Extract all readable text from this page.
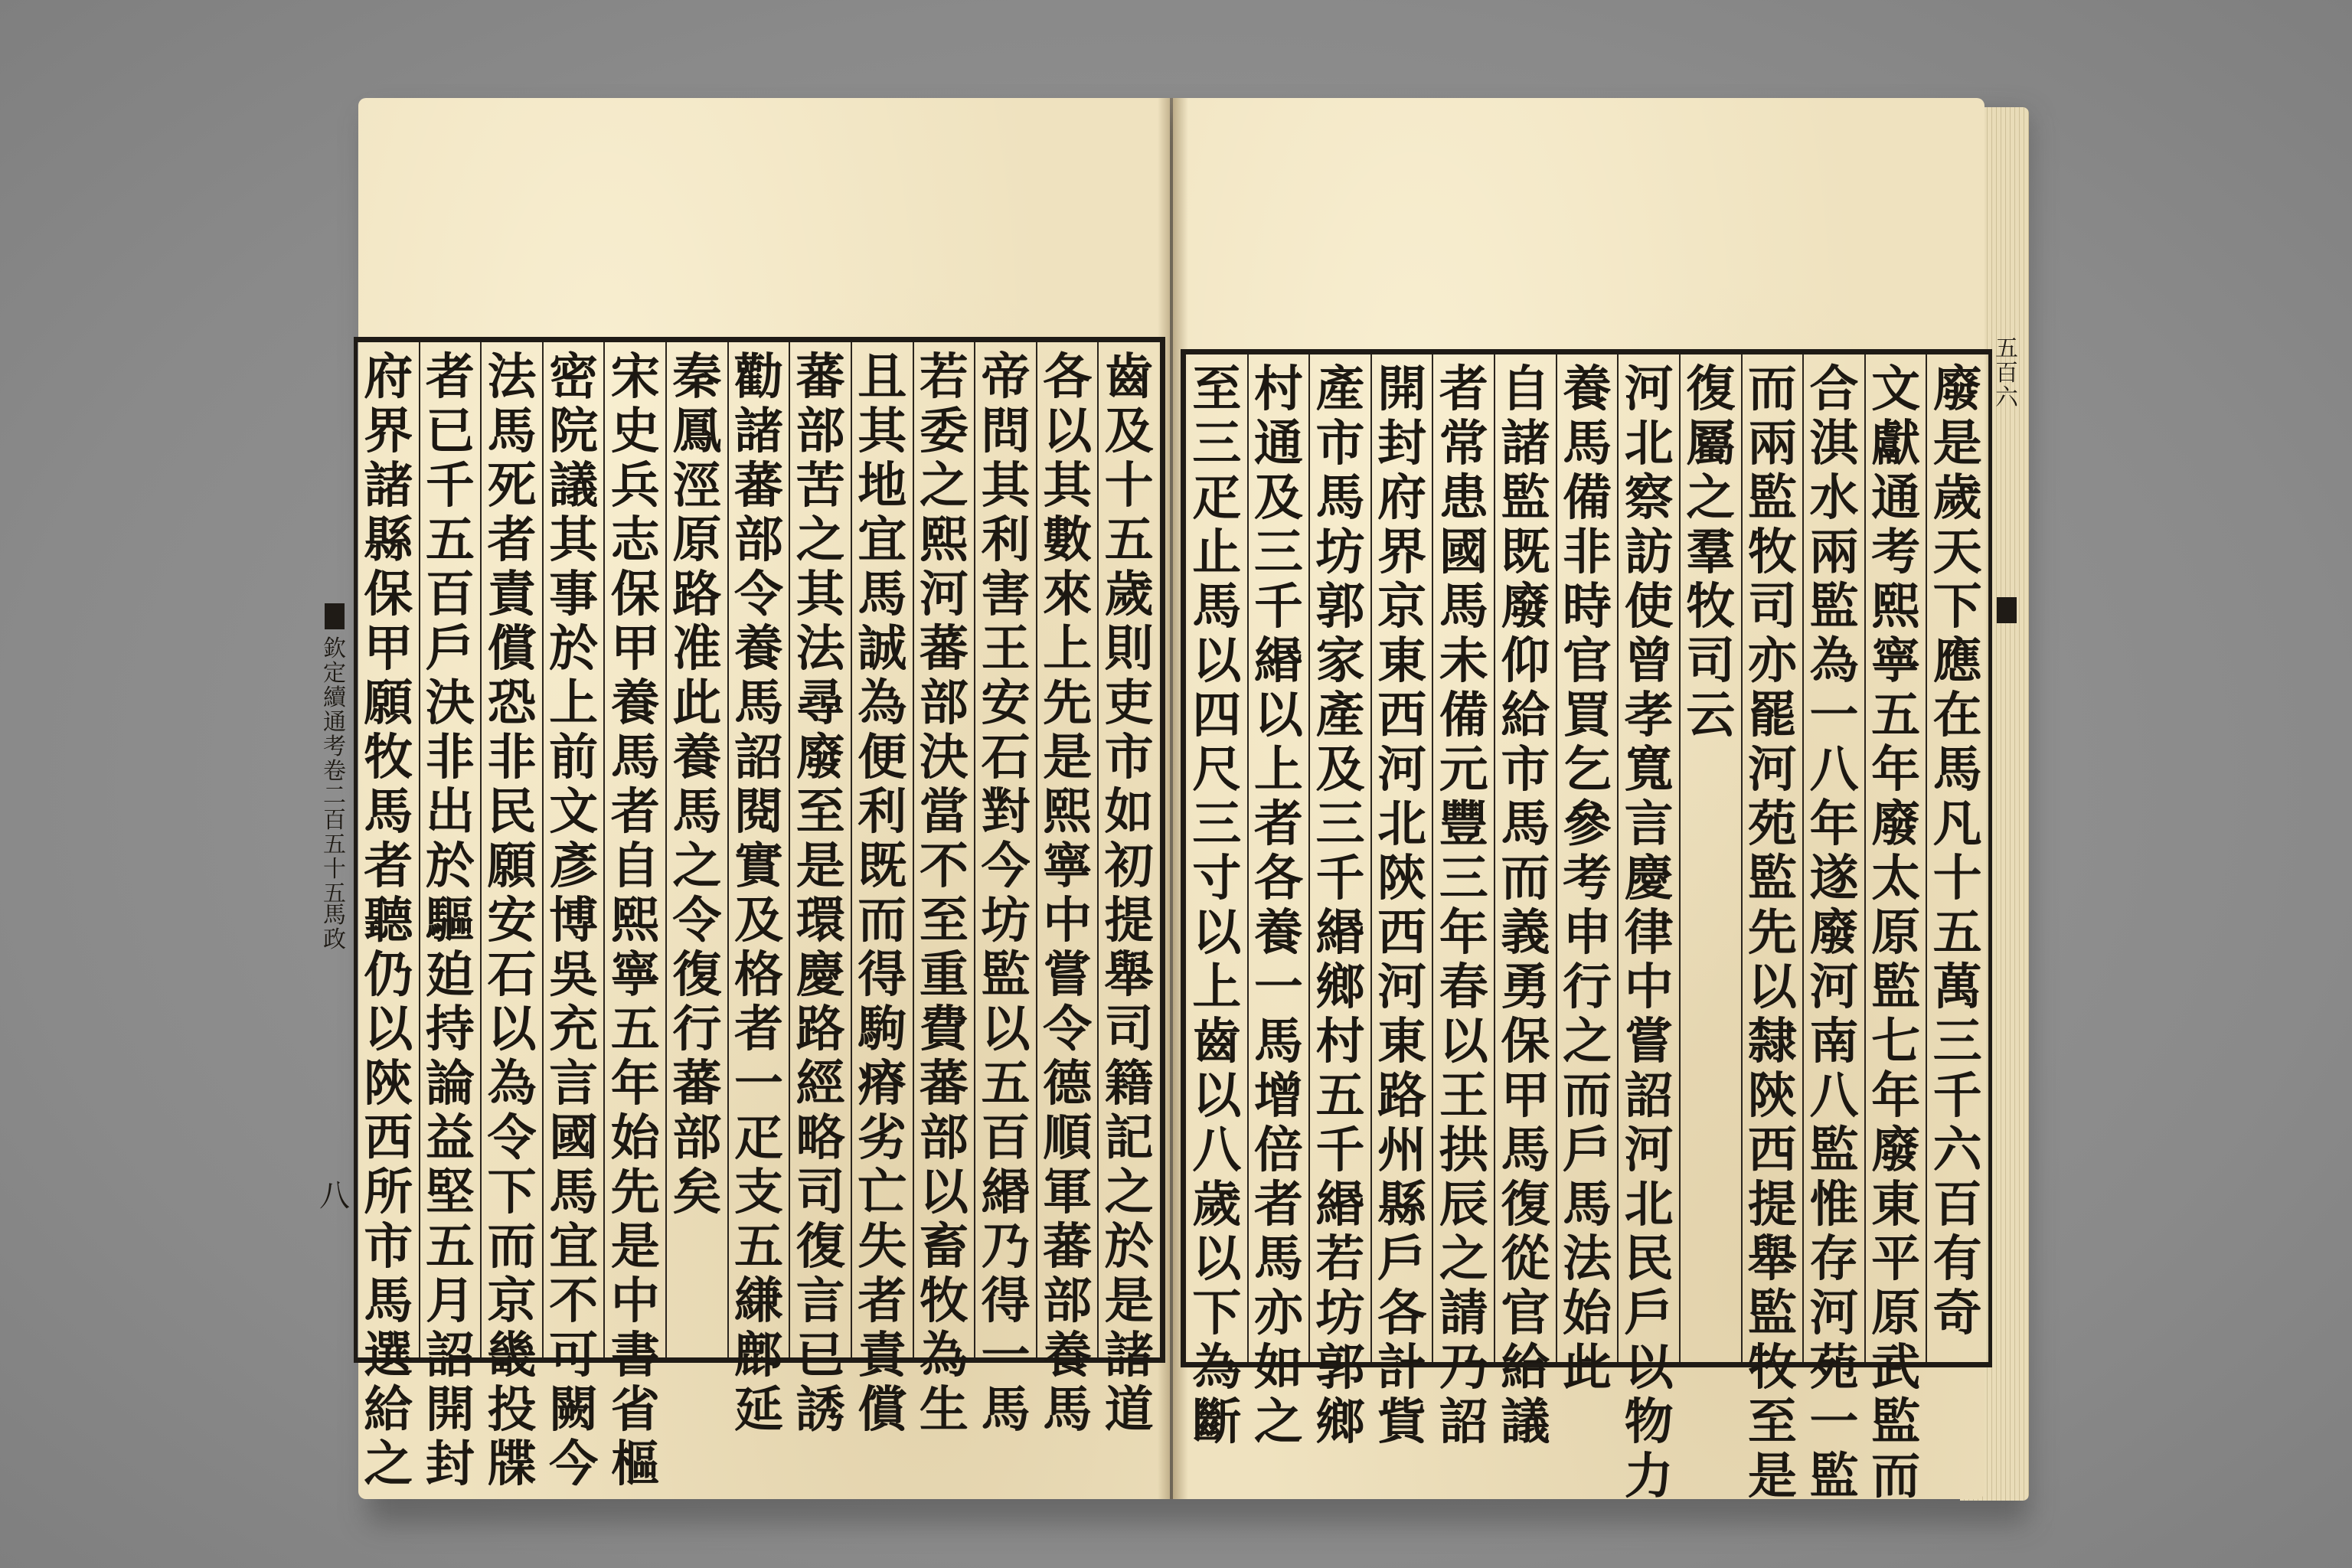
齒
及
十
五
歲
則
吏
市
如
初
提
舉
司
籍
記
之
於
是
諸
道
各
以
其
數
來
上
先
是
熙
寧
中
嘗
令
德
順
軍
蕃
部
養
馬
帝
問
其
利
害
王
安
石
對
今
坊
監
以
五
百
緡
乃
得
一
馬
若
委
之
熙
河
蕃
部
決
當
不
至
重
費
蕃
部
以
畜
牧
為
生
且
其
地
宜
馬
誠
為
便
利
既
而
得
駒
瘠
劣
亡
失
者
責
償
蕃
部
苦
之
其
法
尋
廢
至
是
環
慶
路
經
略
司
復
言
已
誘
勸
諸
蕃
部
令
養
馬
詔
閱
實
及
格
者
一
疋
支
五
縑
鄜
延
秦
鳳
涇
原
路
准
此
養
馬
之
令
復
行
蕃
部
矣
宋
史
兵
志
保
甲
養
馬
者
自
熙
寧
五
年
始
先
是
中
書
省
樞
密
院
議
其
事
於
上
前
文
彥
博
吳
充
言
國
馬
宜
不
可
闕
今
法
馬
死
者
責
償
恐
非
民
願
安
石
以
為
令
下
而
京
畿
投
牒
者
已
千
五
百
戶
決
非
出
於
驅
廹
持
論
益
堅
五
月
詔
開
封
府
界
諸
縣
保
甲
願
牧
馬
者
聽
仍
以
陝
西
所
市
馬
選
給
之
欽
定
續
通
考
卷
二
百
五
十
五
馬
政
八
廢
是
歲
天
下
應
在
馬
凡
十
五
萬
三
千
六
百
有
奇
文
獻
通
考
熙
寧
五
年
廢
太
原
監
七
年
廢
東
平
原
武
監
而
合
淇
水
兩
監
為
一
八
年
遂
廢
河
南
八
監
惟
存
河
苑
一
監
而
兩
監
牧
司
亦
罷
河
苑
監
先
以
隸
陝
西
提
舉
監
牧
至
是
復
屬
之
羣
牧
司
云
河
北
察
訪
使
曾
孝
寬
言
慶
律
中
嘗
詔
河
北
民
戶
以
物
力
養
馬
備
非
時
官
買
乞
參
考
申
行
之
而
戶
馬
法
始
此
自
諸
監
既
廢
仰
給
市
馬
而
義
勇
保
甲
馬
復
從
官
給
議
者
常
患
國
馬
未
備
元
豐
三
年
春
以
王
拱
辰
之
請
乃
詔
開
封
府
界
京
東
西
河
北
陝
西
河
東
路
州
縣
戶
各
計
貲
產
市
馬
坊
郭
家
產
及
三
千
緡
鄉
村
五
千
緡
若
坊
郭
鄉
村
通
及
三
千
緡
以
上
者
各
養
一
馬
增
倍
者
馬
亦
如
之
至
三
疋
止
馬
以
四
尺
三
寸
以
上
齒
以
八
歲
以
下
為
斷
五
百
六
